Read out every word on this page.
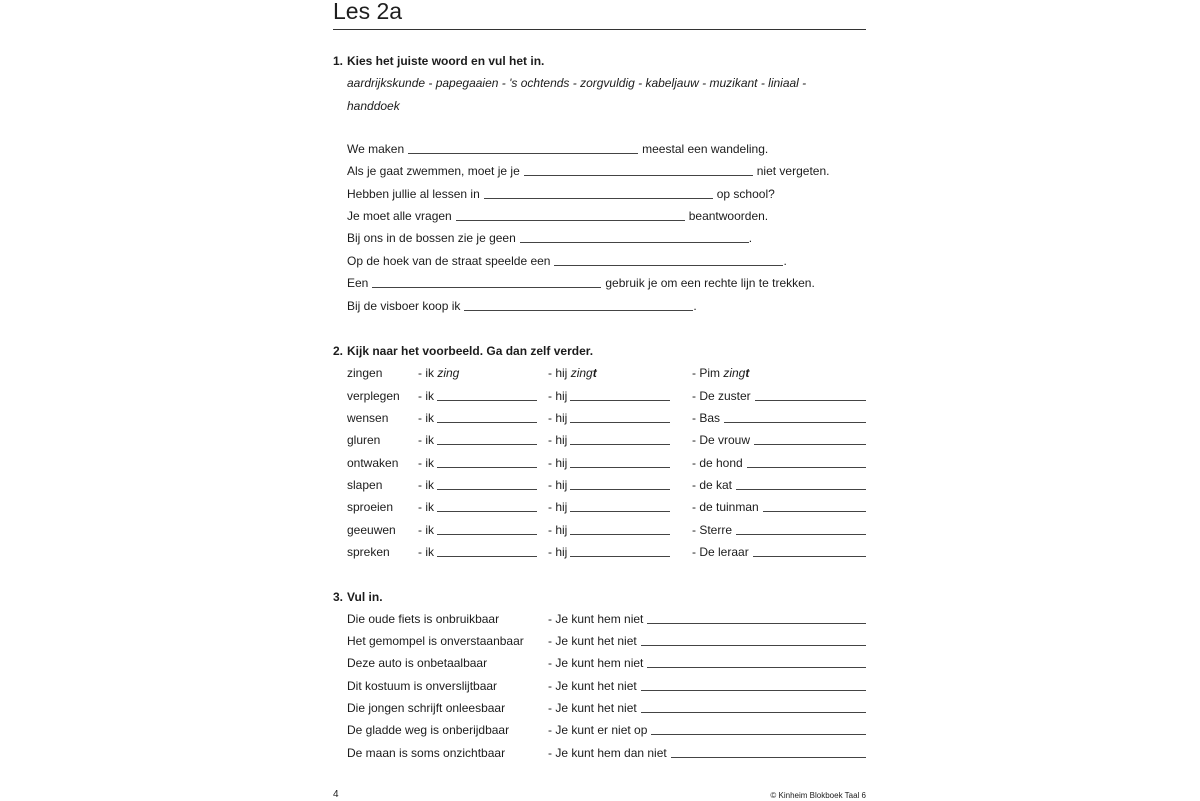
Les 2a
1. Kies het juiste woord en vul het in.
aardrijkskunde - papegaaien - 's ochtends - zorgvuldig - kabeljauw - muzikant - liniaal - handdoek
We maken	meestal een wandeling.
Als je gaat zwemmen, moet je je	niet vergeten.
Hebben jullie al lessen in	op school?
Je moet alle vragen	beantwoorden.
Bij ons in de bossen zie je geen	.
Op de hoek van de straat speelde een	.
Een	gebruik je om een rechte lijn te trekken.
Bij de visboer koop ik	.
2. Kijk naar het voorbeeld. Ga dan zelf verder.
zingen	- ik zing	- hij zingt	- Pim zingt
verplegen - ik	- hij	- De zuster
wensen - ik	- hij	- Bas
gluren	- ik	- hij	- De vrouw
ontwaken - ik	- hij	- de hond
slapen	- ik	- hij	- de kat
sproeien - ik	- hij	- de tuinman
geeuwen - ik	- hij	- Sterre
spreken - ik	- hij	- De leraar
3. Vul in.
Die oude fiets is onbruikbaar	- Je kunt hem niet
Het gemompel is onverstaanbaar - Je kunt het niet
Deze auto is onbetaalbaar	- Je kunt hem niet
Dit kostuum is onverslijtbaar	- Je kunt het niet
Die jongen schrijft onleesbaar	- Je kunt het niet
De gladde weg is onberijdbaar	- Je kunt er niet op
De maan is soms onzichtbaar	- Je kunt hem dan niet
4	© Kinheim Blokboek Taal 6
